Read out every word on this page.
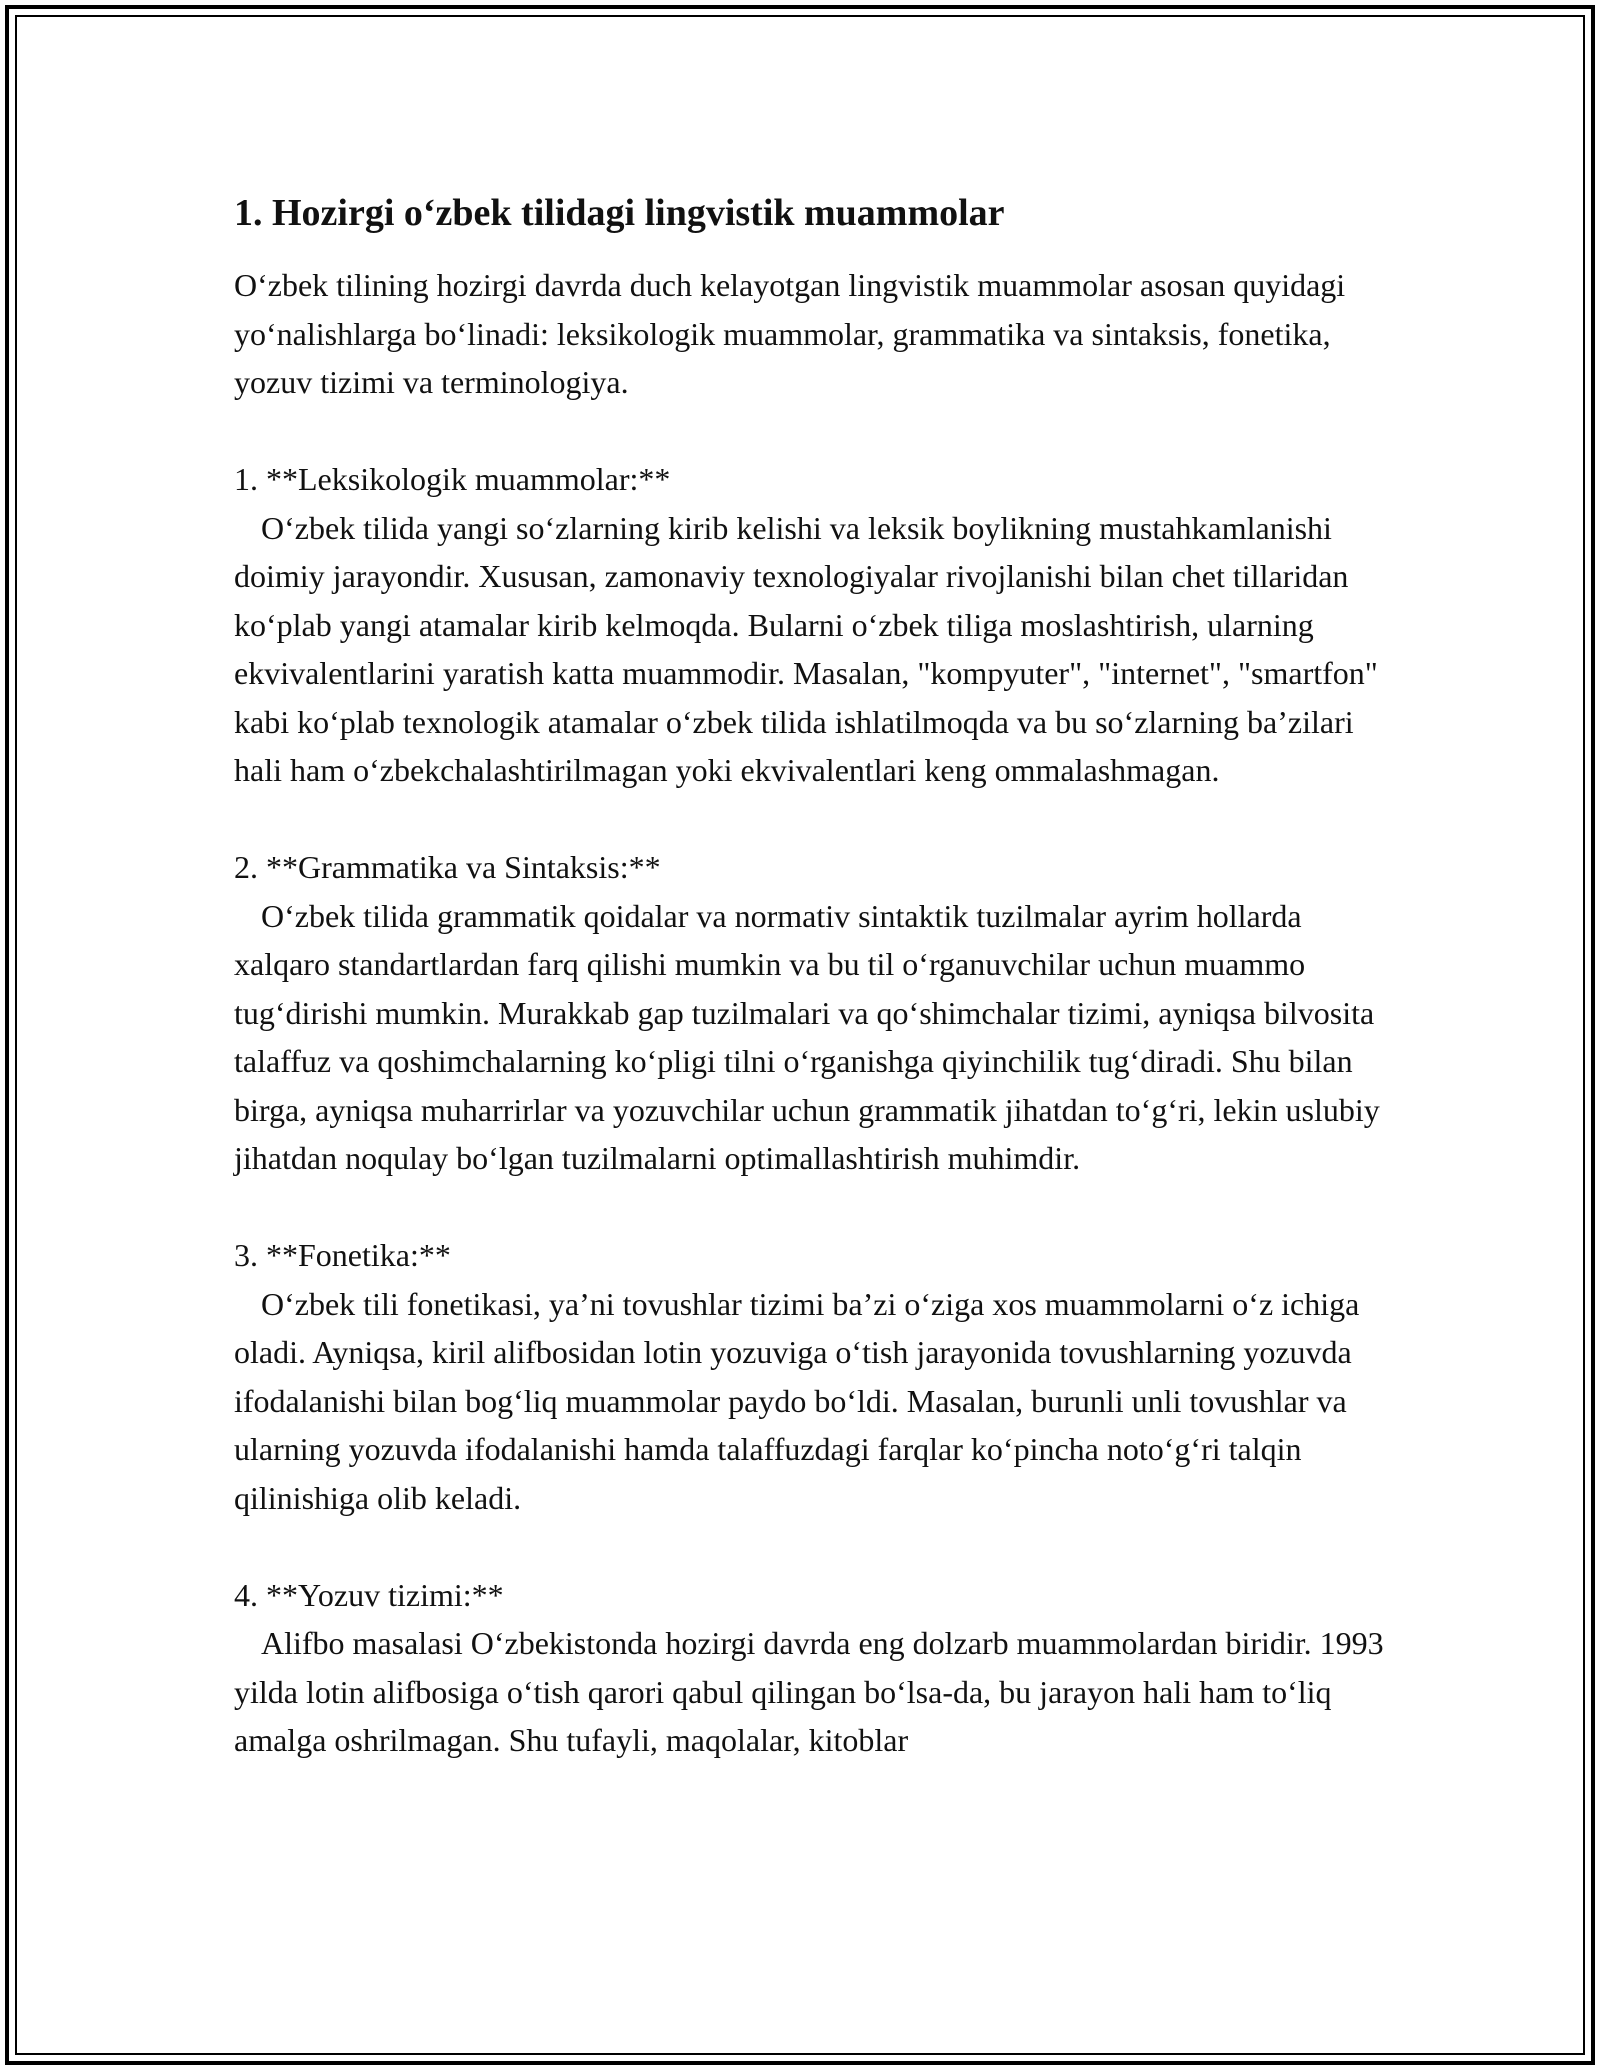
1. Hozirgi o‘zbek tilidagi lingvistik muammolar

O‘zbek tilining hozirgi davrda duch kelayotgan lingvistik muammolar asosan quyidagi yo‘nalishlarga bo‘linadi: leksikologik muammolar, grammatika va sintaksis, fonetika, yozuv tizimi va terminologiya.

1. **Leksikologik muammolar:**

O‘zbek tilida yangi so‘zlarning kirib kelishi va leksik boylikning mustahkamlanishi doimiy jarayondir. Xususan, zamonaviy texnologiyalar rivojlanishi bilan chet tillaridan ko‘plab yangi atamalar kirib kelmoqda. Bularni o‘zbek tiliga moslashtirish, ularning ekvivalentlarini yaratish katta muammodir. Masalan, "kompyuter", "internet", "smartfon" kabi ko‘plab texnologik atamalar o‘zbek tilida ishlatilmoqda va bu so‘zlarning ba’zilari hali ham o‘zbekchalashtirilmagan yoki ekvivalentlari keng ommalashmagan.

2. **Grammatika va Sintaksis:**

O‘zbek tilida grammatik qoidalar va normativ sintaktik tuzilmalar ayrim hollarda xalqaro standartlardan farq qilishi mumkin va bu til o‘rganuvchilar uchun muammo tug‘dirishi mumkin. Murakkab gap tuzilmalari va qo‘shimchalar tizimi, ayniqsa bilvosita talaffuz va qoshimchalarning ko‘pligi tilni o‘rganishga qiyinchilik tug‘diradi. Shu bilan birga, ayniqsa muharrirlar va yozuvchilar uchun grammatik jihatdan to‘g‘ri, lekin uslubiy jihatdan noqulay bo‘lgan tuzilmalarni optimallashtirish muhimdir.

3. **Fonetika:**

O‘zbek tili fonetikasi, ya’ni tovushlar tizimi ba’zi o‘ziga xos muammolarni o‘z ichiga oladi. Ayniqsa, kiril alifbosidan lotin yozuviga o‘tish jarayonida tovushlarning yozuvda ifodalanishi bilan bog‘liq muammolar paydo bo‘ldi. Masalan, burunli unli tovushlar va ularning yozuvda ifodalanishi hamda talaffuzdagi farqlar ko‘pincha noto‘g‘ri talqin qilinishiga olib keladi.

4. **Yozuv tizimi:**

Alifbo masalasi O‘zbekistonda hozirgi davrda eng dolzarb muammolardan biridir. 1993 yilda lotin alifbosiga o‘tish qarori qabul qilingan bo‘lsa-da, bu jarayon hali ham to‘liq amalga oshrilmagan. Shu tufayli, maqolalar, kitoblar
